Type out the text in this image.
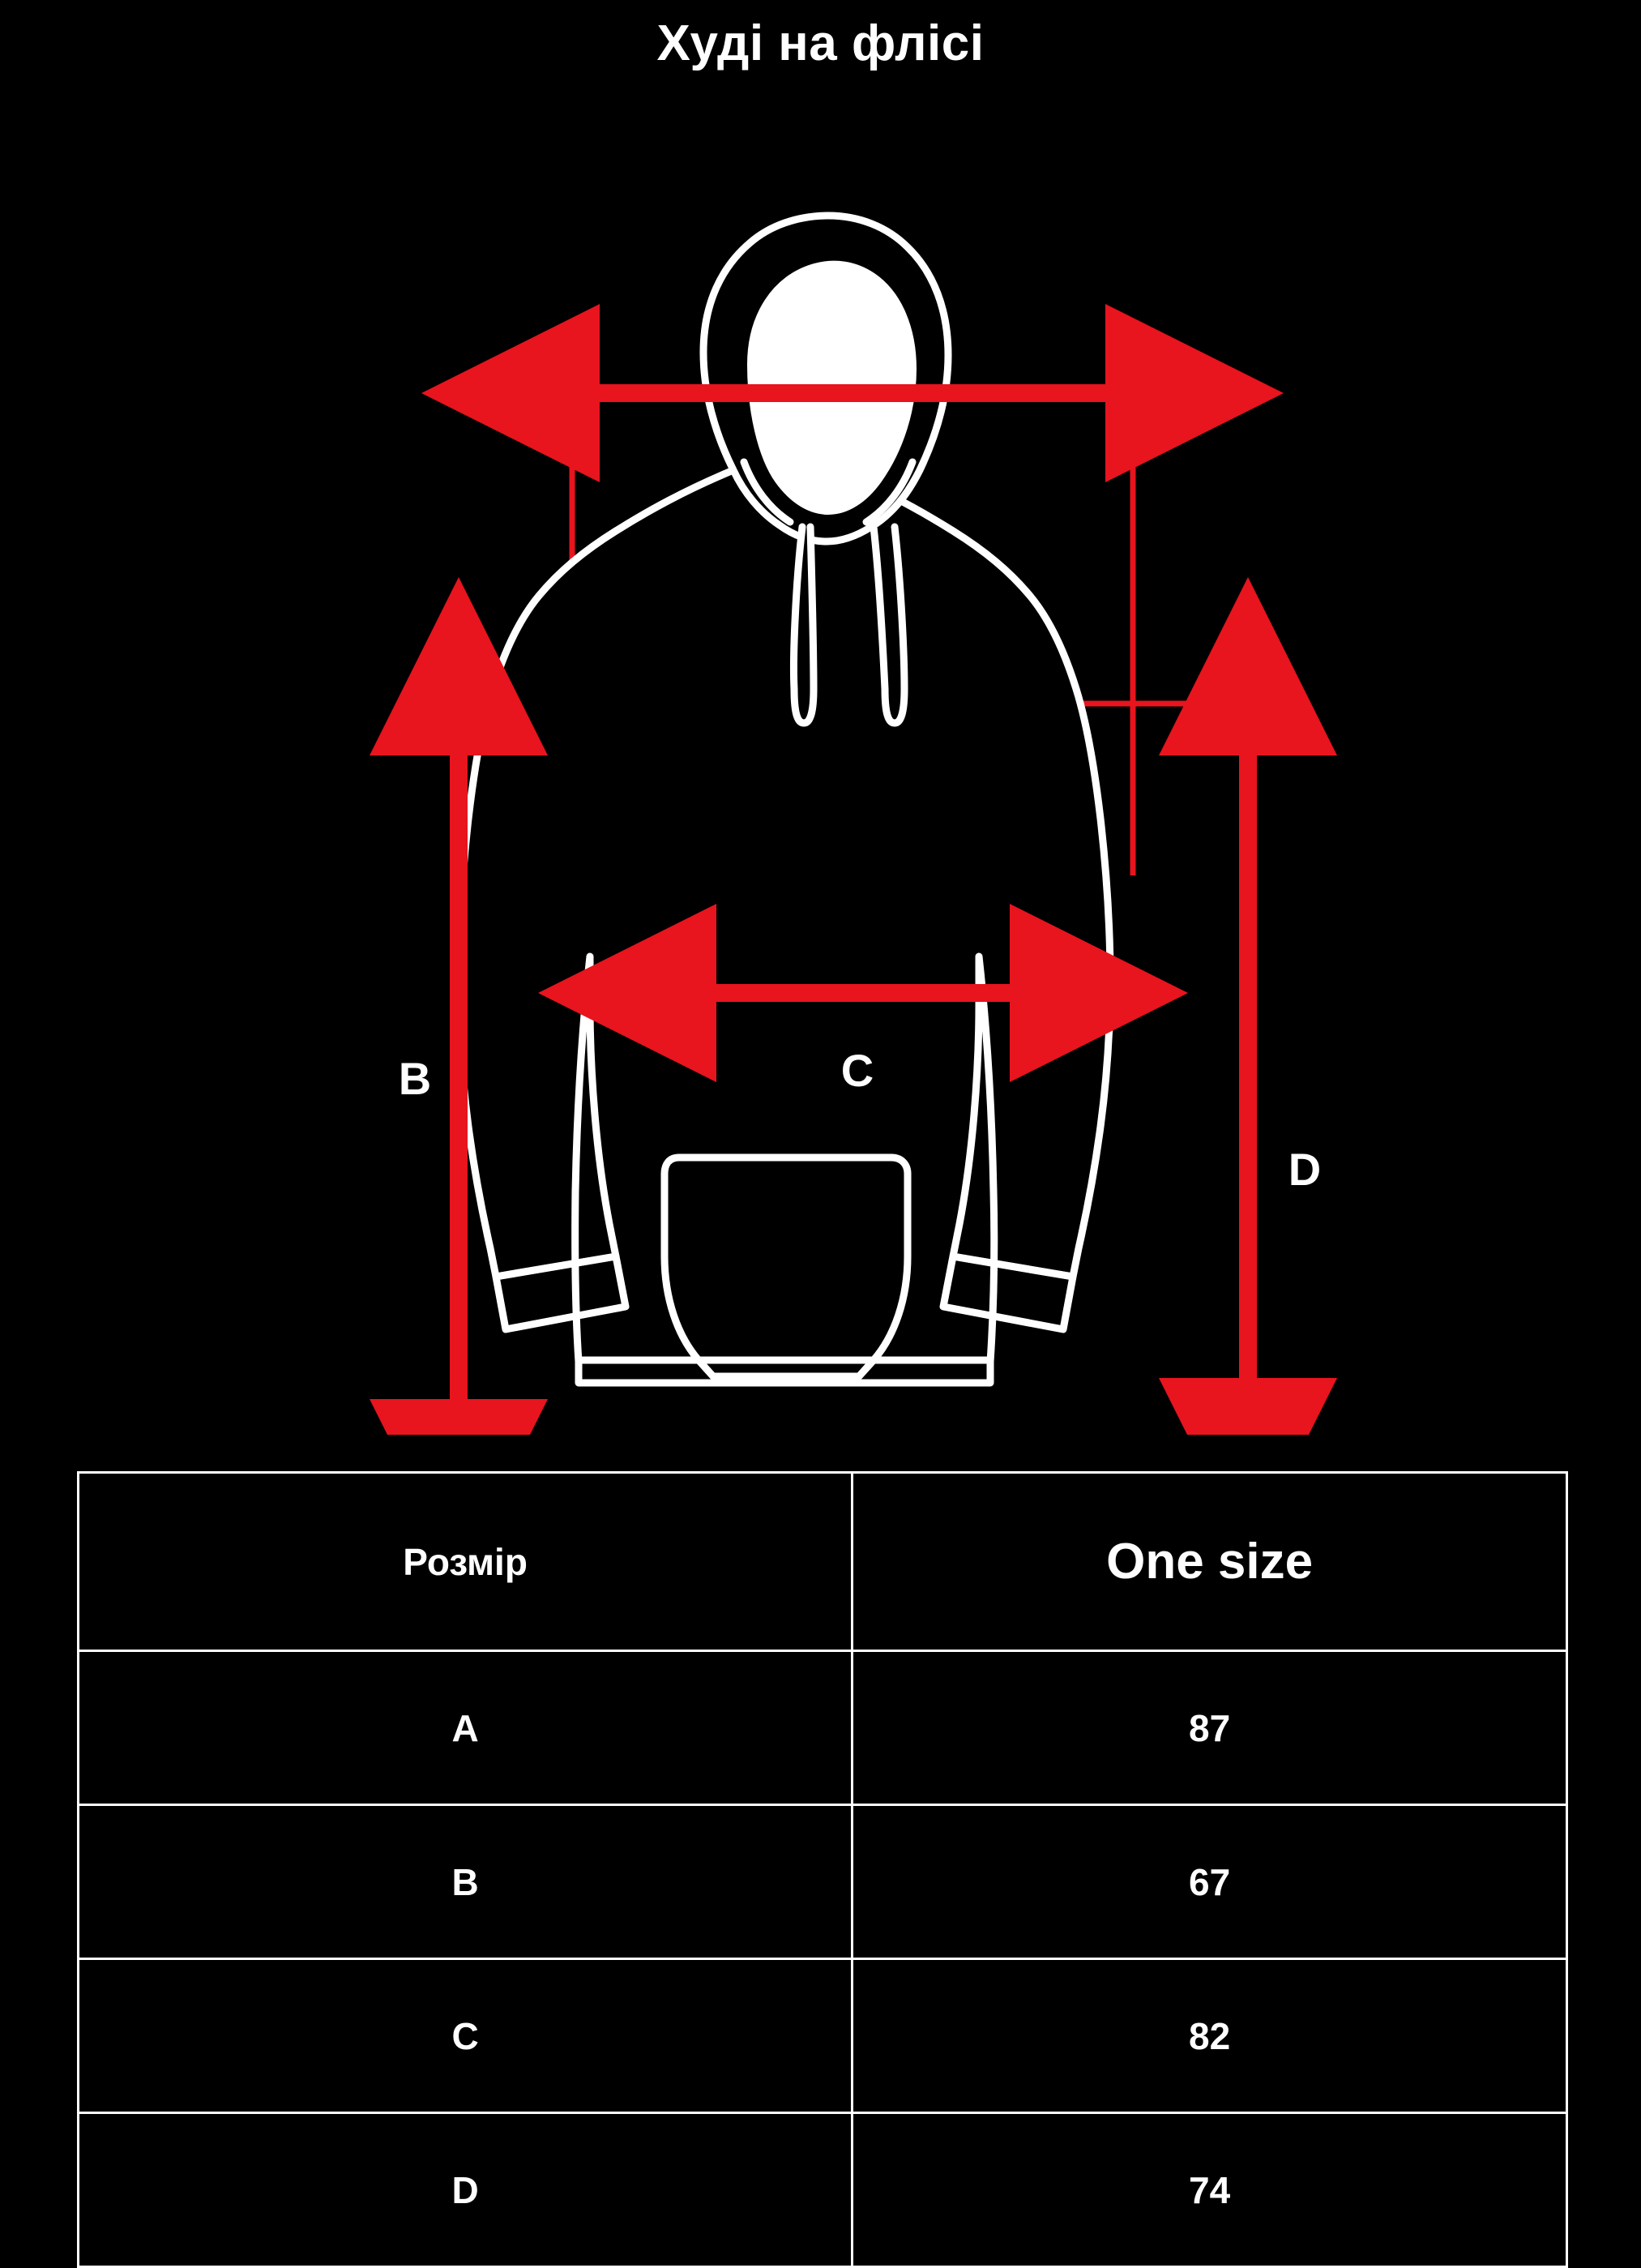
Худі на флісі
A
B	C
D
Розмір	One size
A	87
B	67
C	82
D	74
